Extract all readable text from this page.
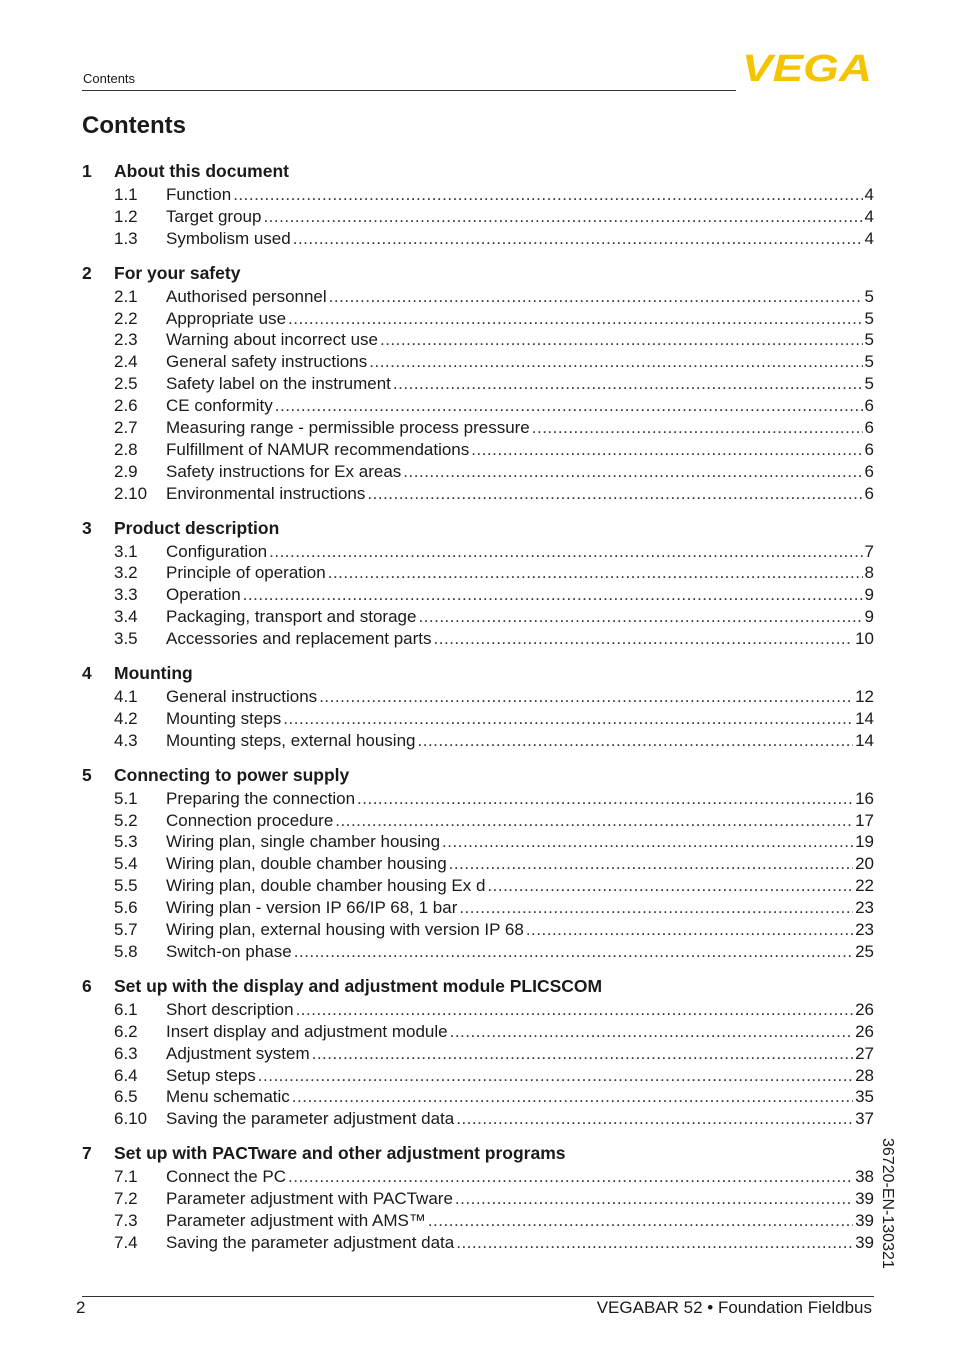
Contents	VEGA
Contents
1	About this document
1.1	Function .....	4
1.2	Target group .....	4
1.3	Symbolism used .....	4
2	For your safety
2.1	Authorised personnel .....	5
2.2	Appropriate use .....	5
2.3	Warning about incorrect use .....	5
2.4	General safety instructions .....	5
2.5	Safety label on the instrument .....	5
2.6	CE conformity .....	6
2.7	Measuring range - permissible process pressure .....	6
2.8	Fulfillment of NAMUR recommendations .....	6
2.9	Safety instructions for Ex areas .....	6
2.10	Environmental instructions .....	6
3	Product description
3.1	Configuration .....	7
3.2	Principle of operation .....	8
3.3	Operation .....	9
3.4	Packaging, transport and storage .....	9
3.5	Accessories and replacement parts .....	10
4	Mounting
4.1	General instructions .....	12
4.2	Mounting steps .....	14
4.3	Mounting steps, external housing .....	14
5	Connecting to power supply
5.1	Preparing the connection .....	16
5.2	Connection procedure .....	17
5.3	Wiring plan, single chamber housing .....	19
5.4	Wiring plan, double chamber housing .....	20
5.5	Wiring plan, double chamber housing Ex d .....	22
5.6	Wiring plan - version IP 66/IP 68, 1 bar .....	23
5.7	Wiring plan, external housing with version IP 68 .....	23
5.8	Switch-on phase .....	25
6	Set up with the display and adjustment module PLICSCOM
6.1	Short description .....	26
6.2	Insert display and adjustment module .....	26
6.3	Adjustment system .....	27
6.4	Setup steps .....	28
6.5	Menu schematic .....	35
6.10	Saving the parameter adjustment data .....	37
7	Set up with PACTware and other adjustment programs
7.1	Connect the PC .....	38
7.2	Parameter adjustment with PACTware .....	39
7.3	Parameter adjustment with AMS™ .....	39
7.4	Saving the parameter adjustment data .....	39
2	VEGABAR 52 • Foundation Fieldbus
36720-EN-130321
